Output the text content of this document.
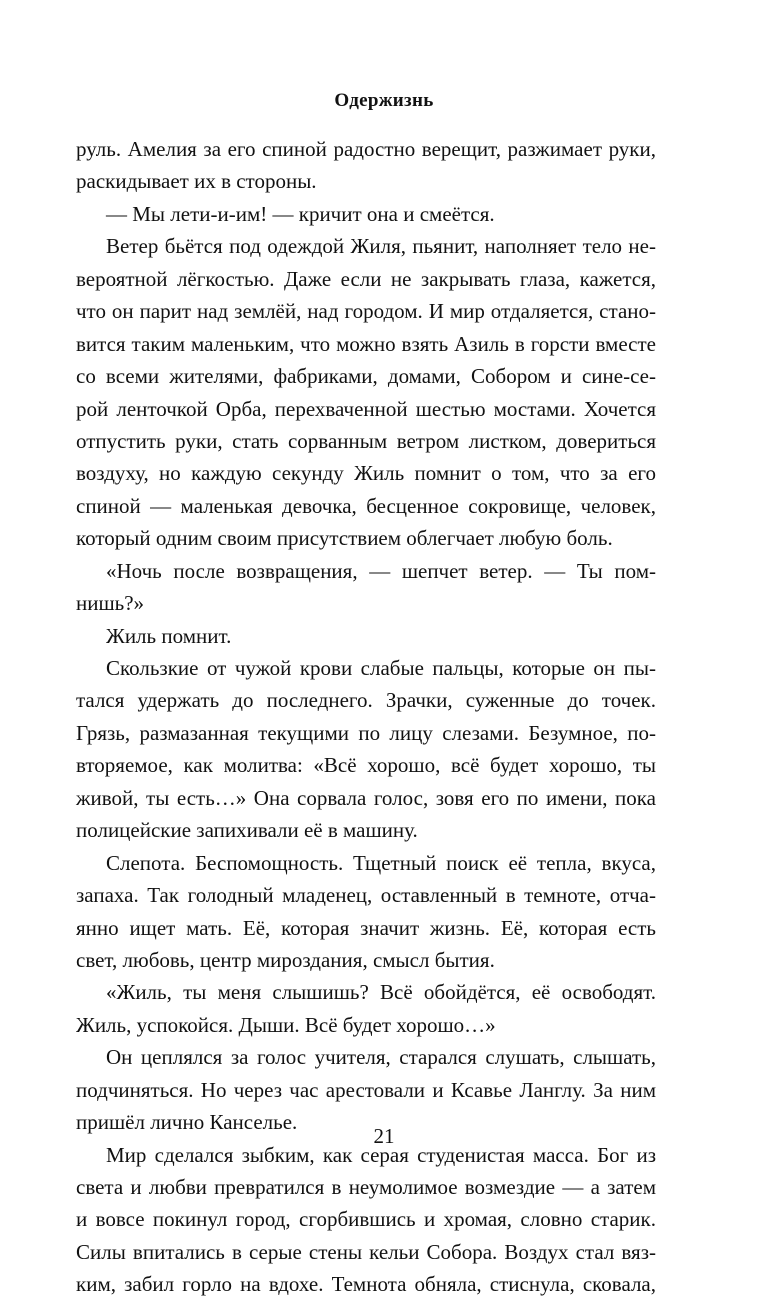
Одержизнь
руль. Амелия за его спиной радостно верещит, разжимает руки,
раскидывает их в стороны.
— Мы лети-и-им! — кричит она и смеётся.
Ветер бьётся под одеждой Жиля, пьянит, наполняет тело не-
вероятной лёгкостью. Даже если не закрывать глаза, кажется,
что он парит над землёй, над городом. И мир отдаляется, стано-
вится таким маленьким, что можно взять Азиль в горсти вместе
со всеми жителями, фабриками, домами, Собором и сине-се-
рой ленточкой Орба, перехваченной шестью мостами. Хочется
отпустить руки, стать сорванным ветром листком, довериться
воздуху, но каждую секунду Жиль помнит о том, что за его
спиной — маленькая девочка, бесценное сокровище, человек,
который одним своим присутствием облегчает любую боль.
«Ночь после возвращения, — шепчет ветер. — Ты пом-
нишь?»
Жиль помнит.
Скользкие от чужой крови слабые пальцы, которые он пы-
тался удержать до последнего. Зрачки, суженные до точек.
Грязь, размазанная текущими по лицу слезами. Безумное, по-
вторяемое, как молитва: «Всё хорошо, всё будет хорошо, ты
живой, ты есть…» Она сорвала голос, зовя его по имени, пока
полицейские запихивали её в машину.
Слепота. Беспомощность. Тщетный поиск её тепла, вкуса,
запаха. Так голодный младенец, оставленный в темноте, отча-
янно ищет мать. Её, которая значит жизнь. Её, которая есть
свет, любовь, центр мироздания, смысл бытия.
«Жиль, ты меня слышишь? Всё обойдётся, её освободят.
Жиль, успокойся. Дыши. Всё будет хорошо…»
Он цеплялся за голос учителя, старался слушать, слышать,
подчиняться. Но через час арестовали и Ксавье Ланглу. За ним
пришёл лично Канселье.
Мир сделался зыбким, как серая студенистая масса. Бог из
света и любви превратился в неумолимое возмездие — а затем
и вовсе покинул город, сгорбившись и хромая, словно старик.
Силы впитались в серые стены кельи Собора. Воздух стал вяз-
ким, забил горло на вдохе. Темнота обняла, стиснула, сковала,
21
